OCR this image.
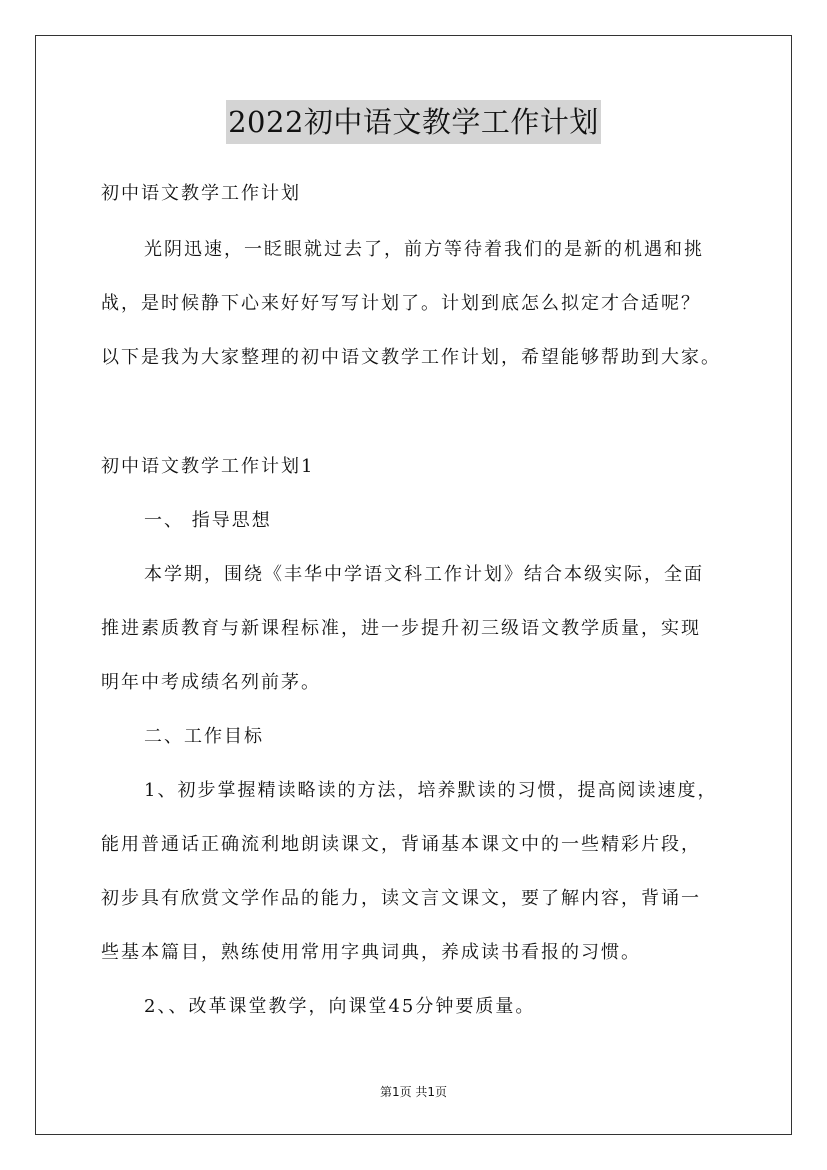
2022初中语文教学工作计划
初中语文教学工作计划
光阴迅速，一眨眼就过去了，前方等待着我们的是新的机遇和挑
战，是时候静下心来好好写写计划了。计划到底怎么拟定才合适呢？
以下是我为大家整理的初中语文教学工作计划，希望能够帮助到大家。
初中语文教学工作计划1
一、 指导思想
本学期，围绕《丰华中学语文科工作计划》结合本级实际，全面
推进素质教育与新课程标准，进一步提升初三级语文教学质量，实现
明年中考成绩名列前茅。
二、工作目标
1、初步掌握精读略读的方法，培养默读的习惯，提高阅读速度，
能用普通话正确流利地朗读课文，背诵基本课文中的一些精彩片段，
初步具有欣赏文学作品的能力，读文言文课文，要了解内容，背诵一
些基本篇目，熟练使用常用字典词典，养成读书看报的习惯。
2、、改革课堂教学，向课堂45分钟要质量。
第1页 共1页
